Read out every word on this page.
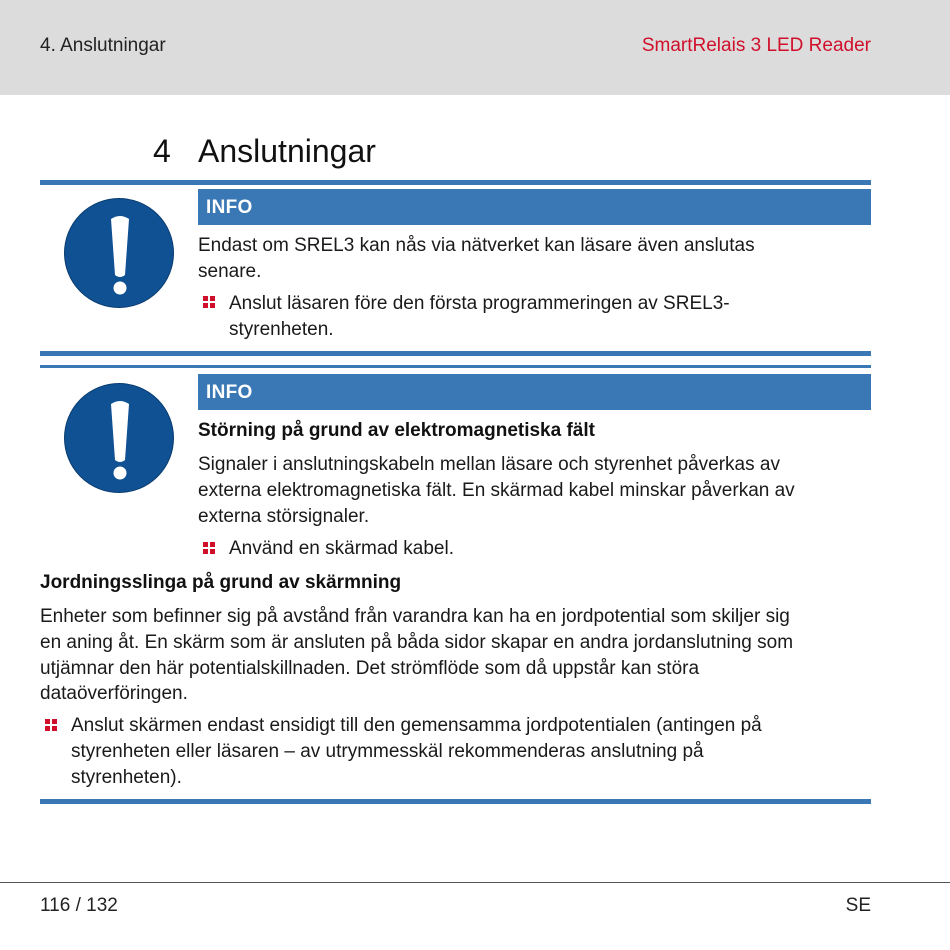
4. Anslutningar	SmartRelais 3 LED Reader
4 Anslutningar
INFO
Endast om SREL3 kan nås via nätverket kan läsare även anslutas
senare.
Anslut läsaren före den första programmeringen av SREL3-
styrenheten.
INFO
Störning på grund av elektromagnetiska fält
Signaler i anslutningskabeln mellan läsare och styrenhet påverkas av
externa elektromagnetiska fält. En skärmad kabel minskar påverkan av
externa störsignaler.
Använd en skärmad kabel.
Jordningsslinga på grund av skärmning
Enheter som befinner sig på avstånd från varandra kan ha en jordpotential som skiljer sig
en aning åt. En skärm som är ansluten på båda sidor skapar en andra jordanslutning som
utjämnar den här potentialskillnaden. Det strömflöde som då uppstår kan störa
dataöverföringen.
Anslut skärmen endast ensidigt till den gemensamma jordpotentialen (antingen på
styrenheten eller läsaren – av utrymmesskäl rekommenderas anslutning på
styrenheten).
116 / 132	SE
